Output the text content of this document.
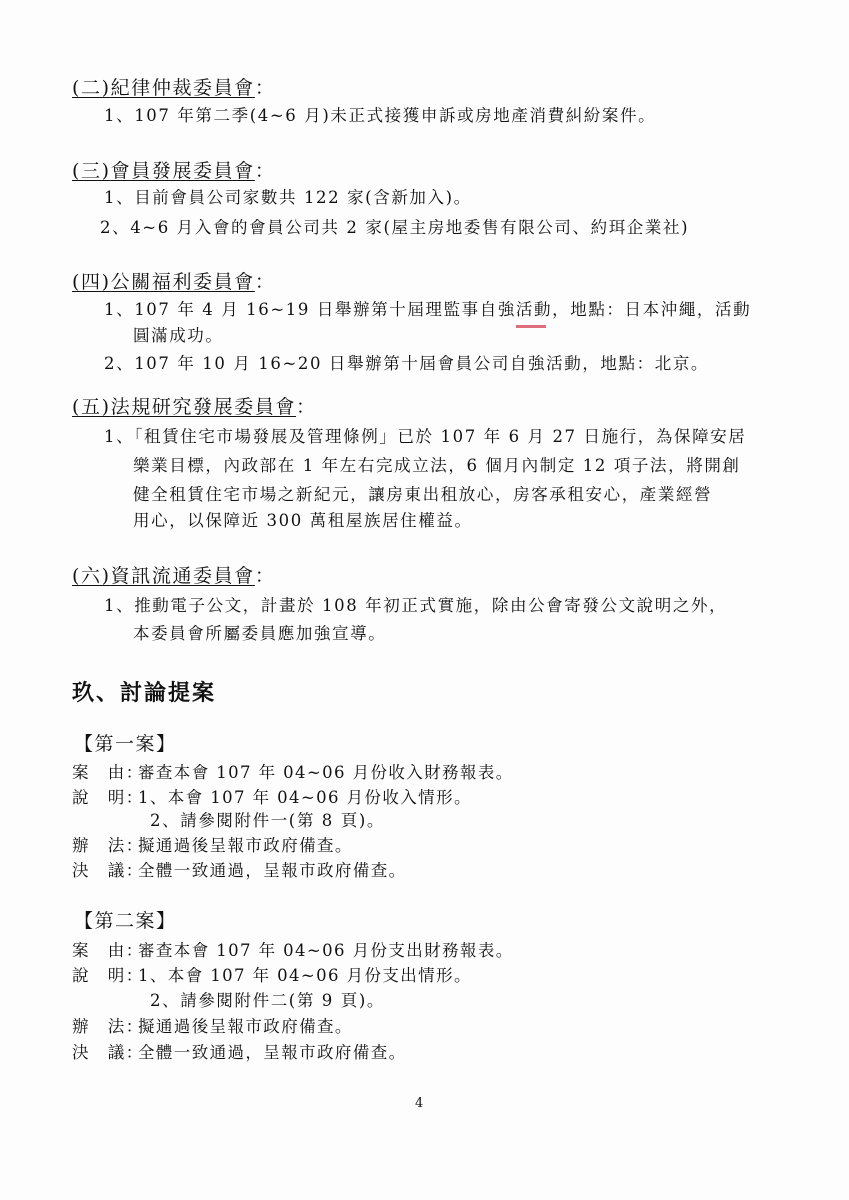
(二)紀律仲裁委員會：
1、107 年第二季(4~6 月)未正式接獲申訴或房地產消費糾紛案件。
(三)會員發展委員會：
1、目前會員公司家數共 122 家(含新加入)。
2、4~6 月入會的會員公司共 2 家(屋主房地委售有限公司、約珥企業社)
(四)公關福利委員會：
1、107 年 4 月 16~19 日舉辦第十屆理監事自強活動，地點：日本沖繩，活動
圓滿成功。
2、107 年 10 月 16~20 日舉辦第十屆會員公司自強活動，地點：北京。
(五)法規研究發展委員會：
1、「租賃住宅市場發展及管理條例」已於 107 年 6 月 27 日施行，為保障安居
樂業目標，內政部在 1 年左右完成立法，6 個月內制定 12 項子法，將開創
健全租賃住宅市場之新紀元，讓房東出租放心，房客承租安心，產業經營
用心，以保障近 300 萬租屋族居住權益。
(六)資訊流通委員會：
1、推動電子公文，計畫於 108 年初正式實施，除由公會寄發公文說明之外，
本委員會所屬委員應加強宣導。
玖、討論提案
【第一案】
案　由：審查本會 107 年 04~06 月份收入財務報表。
說　明：1、本會 107 年 04~06 月份收入情形。
2、請參閱附件一(第 8 頁)。
辦　法：擬通過後呈報市政府備查。
決　議：全體一致通過，呈報市政府備查。
【第二案】
案　由：審查本會 107 年 04~06 月份支出財務報表。
說　明：1、本會 107 年 04~06 月份支出情形。
2、請參閱附件二(第 9 頁)。
辦　法：擬通過後呈報市政府備查。
決　議：全體一致通過，呈報市政府備查。
4
